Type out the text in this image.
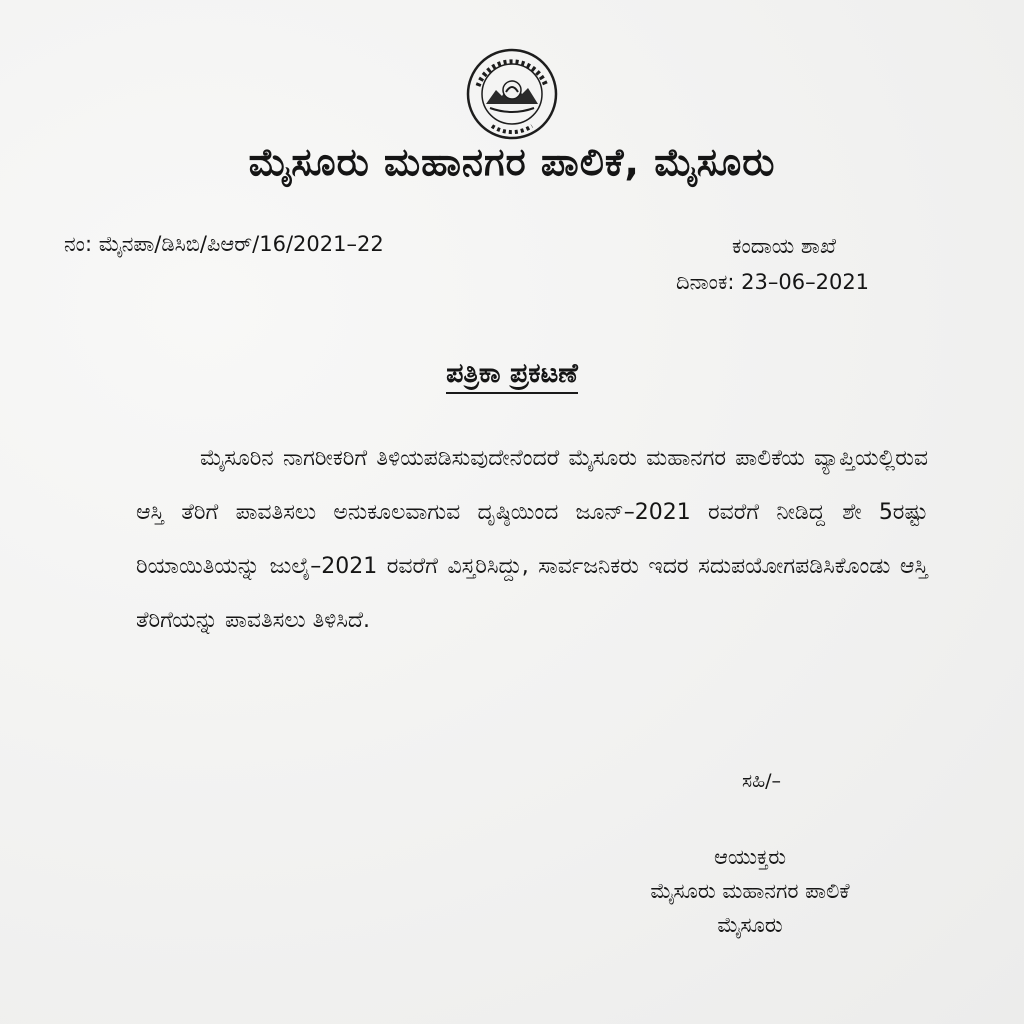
ಮೈಸೂರು ಮಹಾನಗರ ಪಾಲಿಕೆ, ಮೈಸೂರು
ನಂ: ಮೈನಪಾ/ಡಿಸಿಬಿ/ಪಿಆರ್/16/2021–22	ಕಂದಾಯ ಶಾಖೆ
ದಿನಾಂಕ: 23–06–2021
ಪತ್ರಿಕಾ ಪ್ರಕಟಣೆ
ಮೈಸೂರಿನ ನಾಗರೀಕರಿಗೆ ತಿಳಿಯಪಡಿಸುವುದೇನೆಂದರೆ ಮೈಸೂರು ಮಹಾನಗರ ಪಾಲಿಕೆಯ ವ್ಯಾಪ್ತಿಯಲ್ಲಿರುವ ಆಸ್ತಿ ತೆರಿಗೆ ಪಾವತಿಸಲು ಅನುಕೂಲವಾಗುವ ದೃಷ್ಠಿಯಿಂದ ಜೂನ್–2021 ರವರೆಗೆ ನೀಡಿದ್ದ ಶೇ 5ರಷ್ಟು ರಿಯಾಯಿತಿಯನ್ನು ಜುಲೈ–2021 ರವರೆಗೆ ವಿಸ್ತರಿಸಿದ್ದು, ಸಾರ್ವಜನಿಕರು ಇದರ ಸದುಪಯೋಗಪಡಿಸಿಕೊಂಡು ಆಸ್ತಿ ತೆರಿಗೆಯನ್ನು ಪಾವತಿಸಲು ತಿಳಿಸಿದೆ.
ಸಹಿ/–
ಆಯುಕ್ತರು
ಮೈಸೂರು ಮಹಾನಗರ ಪಾಲಿಕೆ
ಮೈಸೂರು
